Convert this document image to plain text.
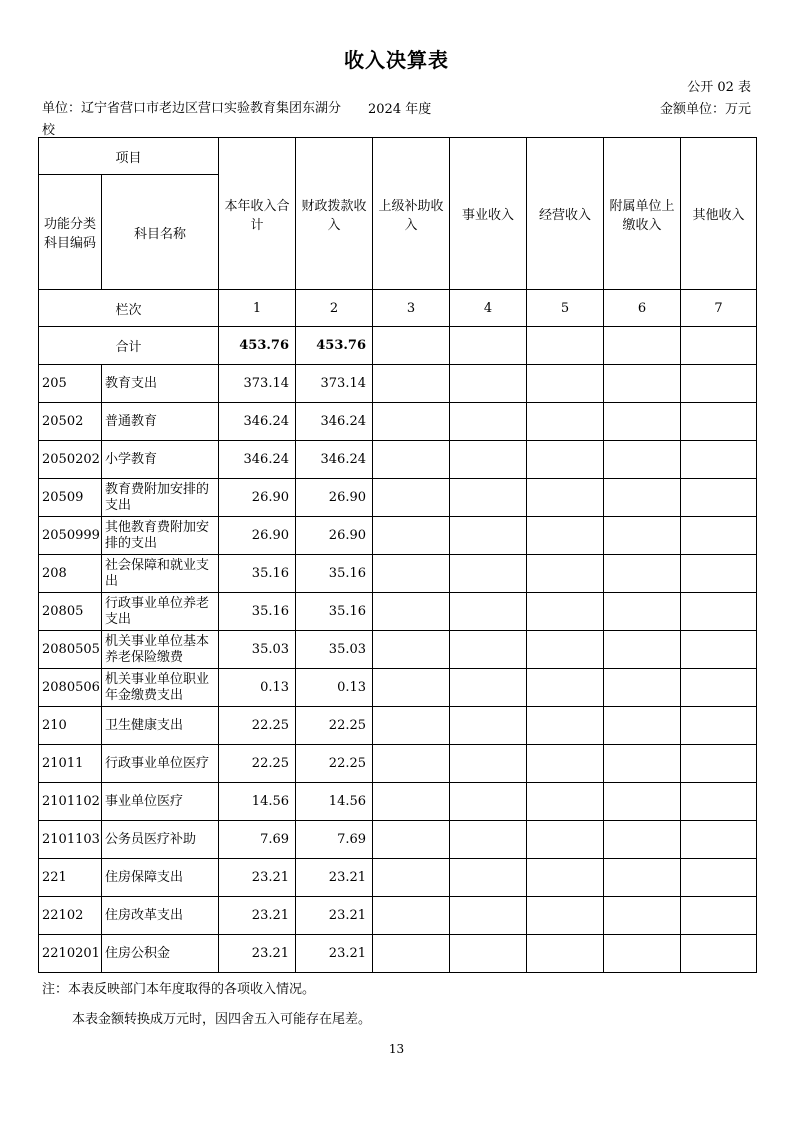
收入决算表
公开 02 表
单位：辽宁省营口市老边区营口实验教育集团东湖分校
2024 年度	金额单位：万元
项目		本年收入合计	财政拨款收入	上级补助收入	事业收入	经营收入	附属单位上缴收入	其他收入
功能分类科目编码	科目名称							
栏次		1	2	3	4	5	6	7
合计		453.76	453.76					
205	教育支出	373.14	373.14					
20502	普通教育	346.24	346.24					
2050202	小学教育	346.24	346.24					
20509	教育费附加安排的支出	26.90	26.90					
2050999	其他教育费附加安排的支出	26.90	26.90					
208	社会保障和就业支出	35.16	35.16					
20805	行政事业单位养老支出	35.16	35.16					
2080505	机关事业单位基本养老保险缴费	35.03	35.03					
2080506	机关事业单位职业年金缴费支出	0.13	0.13					
210	卫生健康支出	22.25	22.25					
21011	行政事业单位医疗	22.25	22.25					
2101102	事业单位医疗	14.56	14.56					
2101103	公务员医疗补助	7.69	7.69					
221	住房保障支出	23.21	23.21					
22102	住房改革支出	23.21	23.21					
2210201	住房公积金	23.21	23.21					
注：本表反映部门本年度取得的各项收入情况。
本表金额转换成万元时，因四舍五入可能存在尾差。
13
